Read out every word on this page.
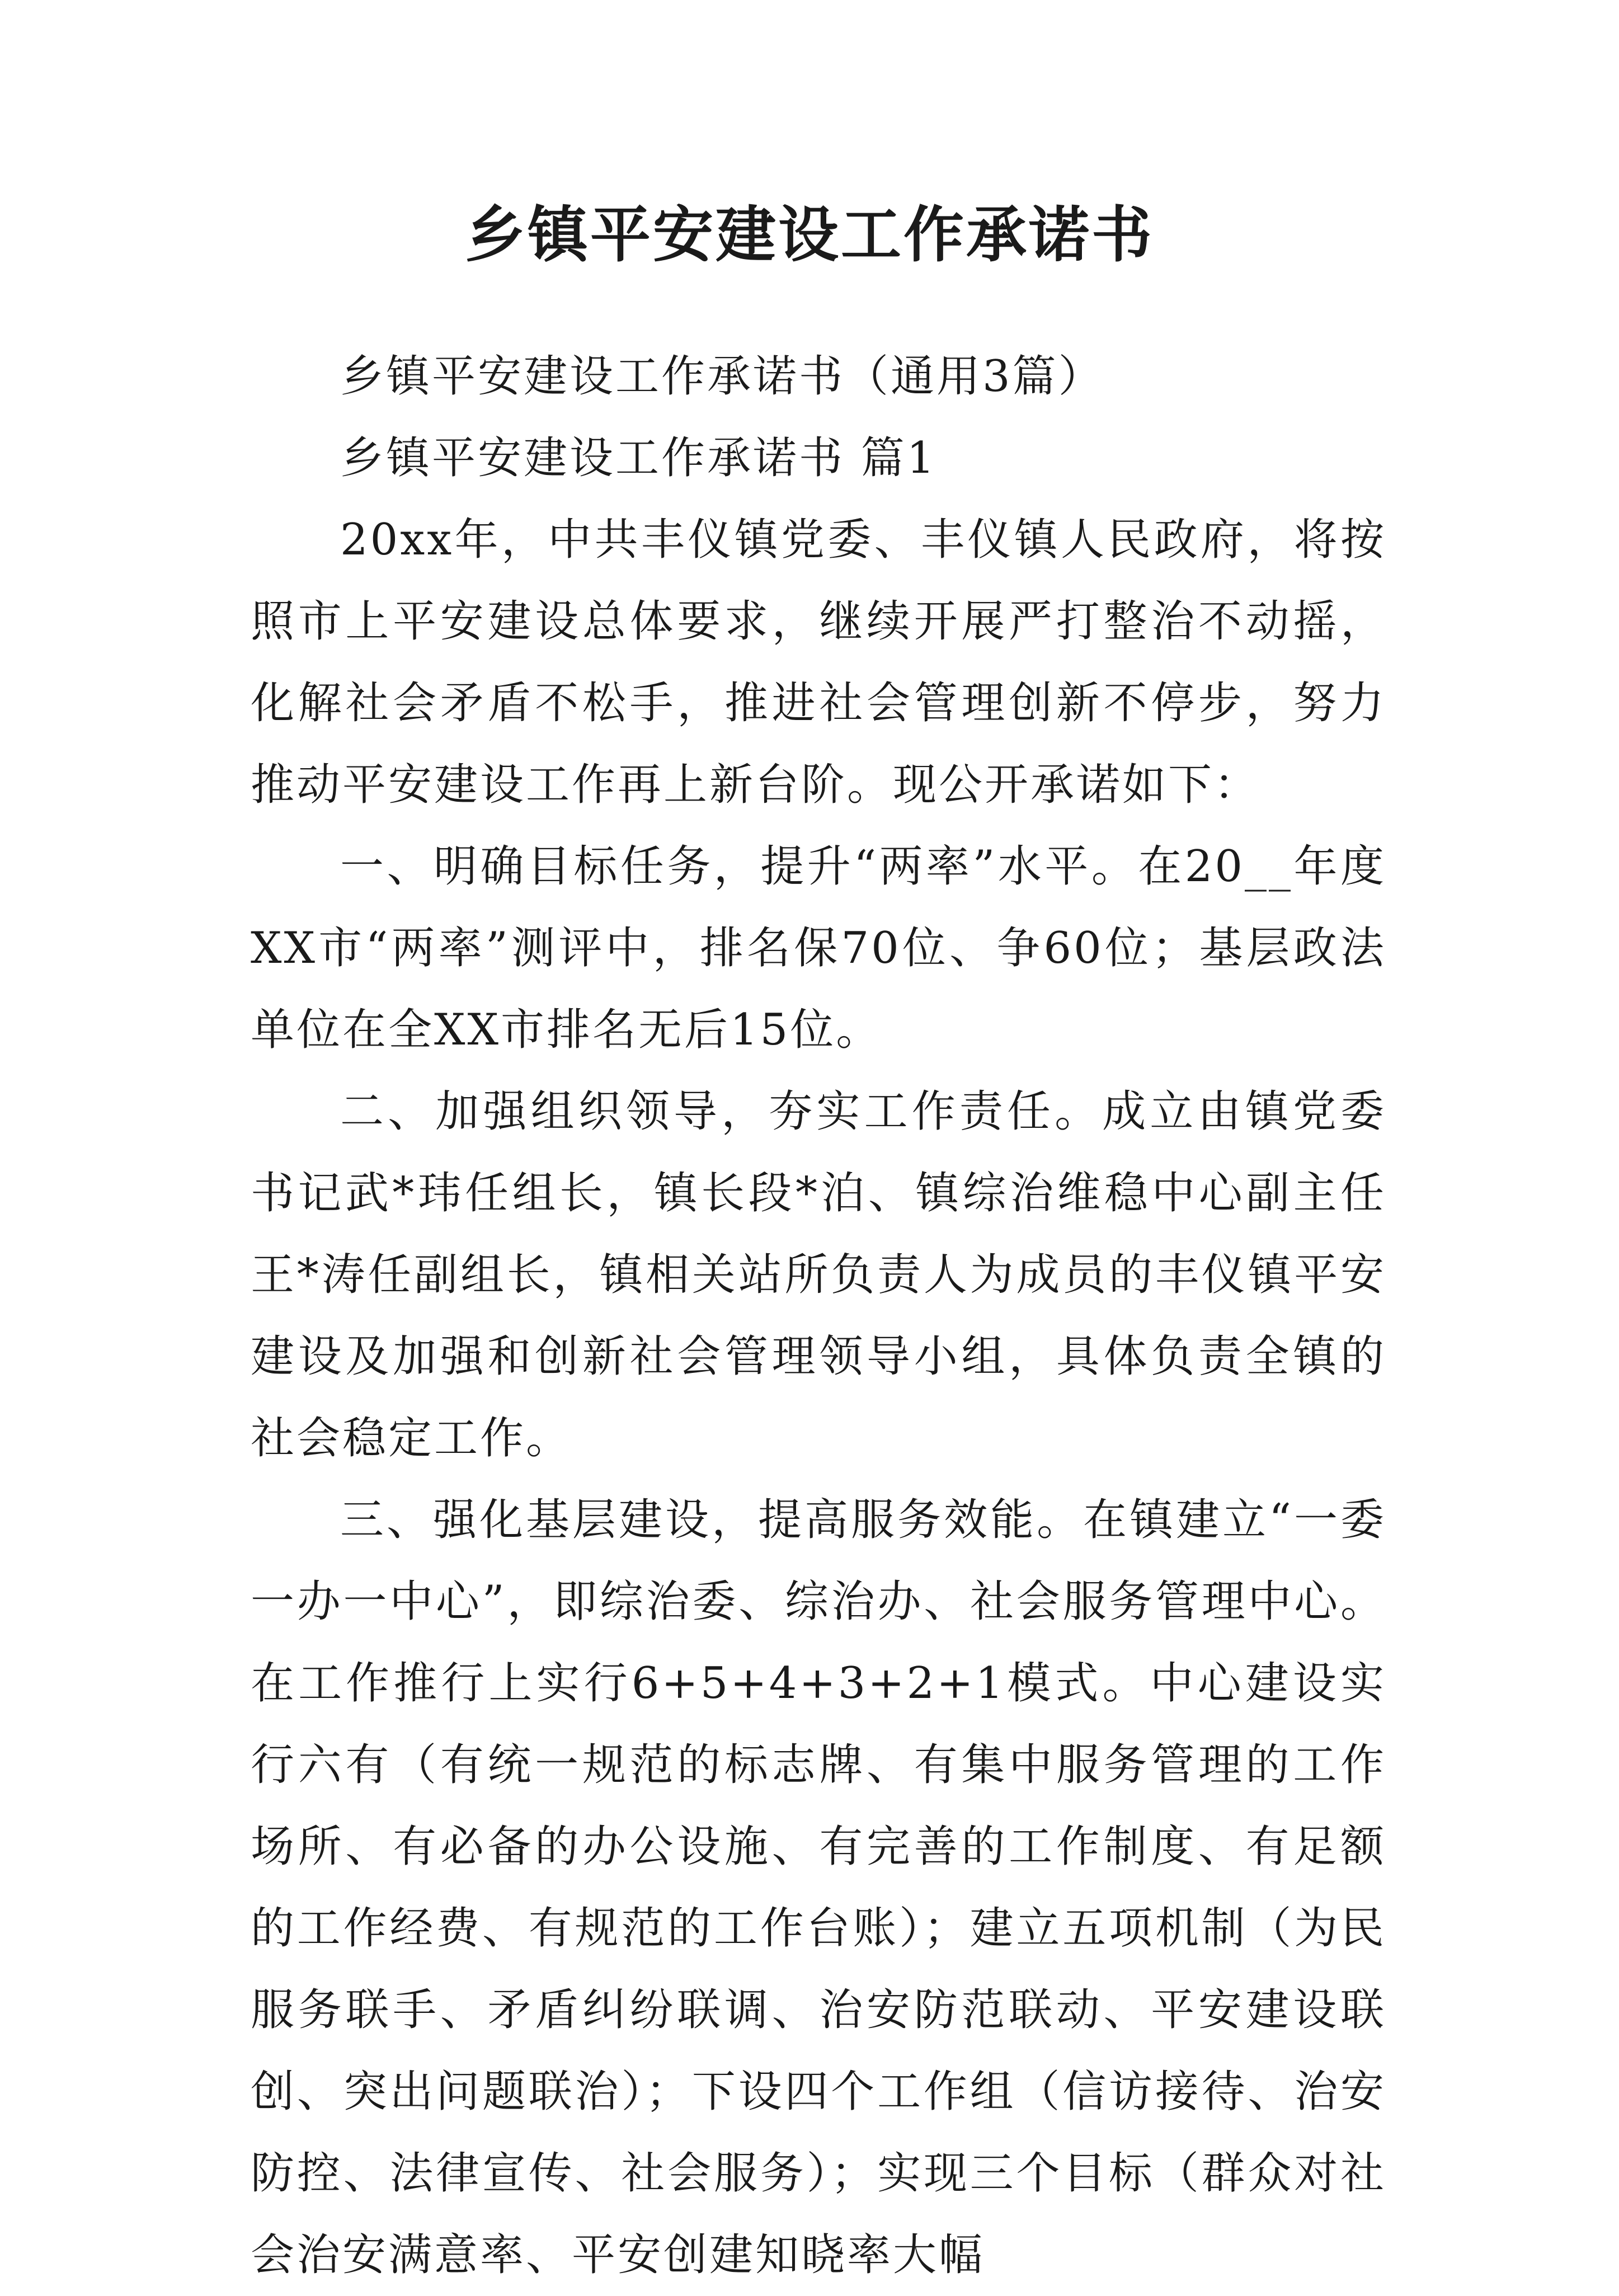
乡镇平安建设工作承诺书

乡镇平安建设工作承诺书（通用3篇）

乡镇平安建设工作承诺书 篇1

20xx年，中共丰仪镇党委、丰仪镇人民政府，将按照市上平安建设总体要求，继续开展严打整治不动摇，化解社会矛盾不松手，推进社会管理创新不停步，努力推动平安建设工作再上新台阶。现公开承诺如下：

一、明确目标任务，提升“两率”水平。在20__年度XX市“两率”测评中，排名保70位、争60位；基层政法单位在全XX市排名无后15位。

二、加强组织领导，夯实工作责任。成立由镇党委书记武*玮任组长，镇长段*泊、镇综治维稳中心副主任王*涛任副组长，镇相关站所负责人为成员的丰仪镇平安建设及加强和创新社会管理领导小组，具体负责全镇的社会稳定工作。

三、强化基层建设，提高服务效能。在镇建立“一委一办一中心”，即综治委、综治办、社会服务管理中心。在工作推行上实行6+5+4+3+2+1模式。中心建设实行六有（有统一规范的标志牌、有集中服务管理的工作场所、有必备的办公设施、有完善的工作制度、有足额的工作经费、有规范的工作台账）；建立五项机制（为民服务联手、矛盾纠纷联调、治安防范联动、平安建设联创、突出问题联治）；下设四个工作组（信访接待、治安防控、法律宣传、社会服务）；实现三个目标（群众对社会治安满意率、平安创建知晓率大幅
